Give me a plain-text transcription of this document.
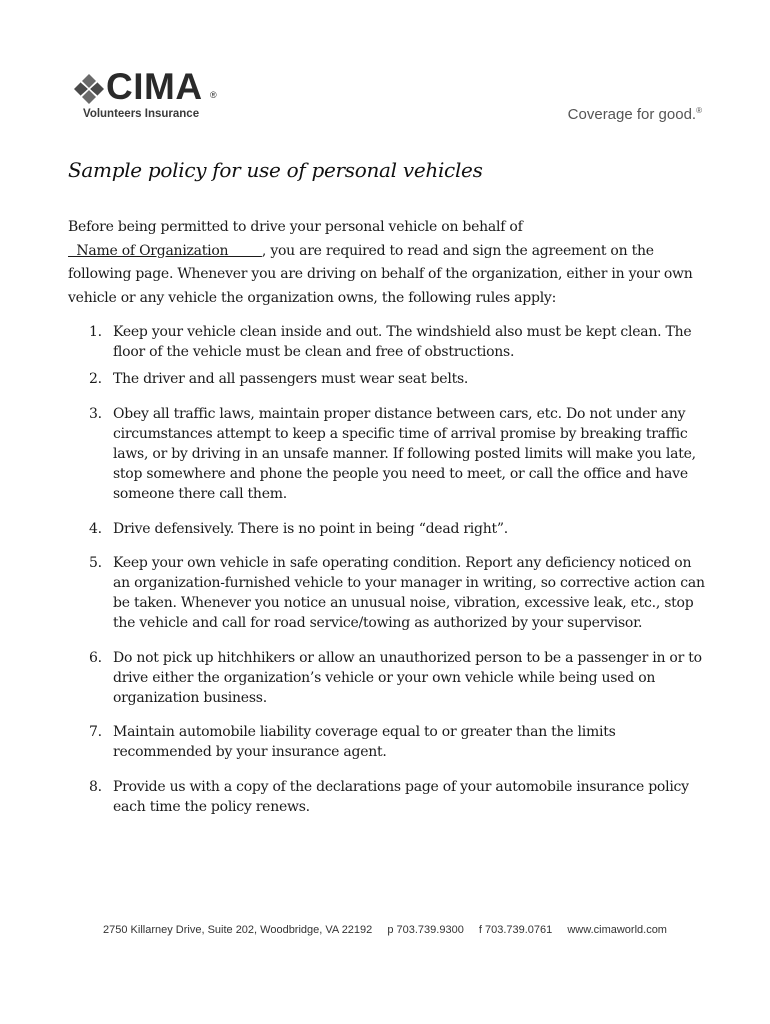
CIMA ®
Volunteers Insurance	Coverage for good.®
Sample policy for use of personal vehicles

Before being permitted to drive your personal vehicle on behalf of   Name of Organization        , you are required to read and sign the agreement on the following page. Whenever you are driving on behalf of the organization, either in your own vehicle or any vehicle the organization owns, the following rules apply:

1. Keep your vehicle clean inside and out. The windshield also must be kept clean. The floor of the vehicle must be clean and free of obstructions.
2. The driver and all passengers must wear seat belts.
3. Obey all traffic laws, maintain proper distance between cars, etc. Do not under any circumstances attempt to keep a specific time of arrival promise by breaking traffic laws, or by driving in an unsafe manner. If following posted limits will make you late, stop somewhere and phone the people you need to meet, or call the office and have someone there call them.
4. Drive defensively. There is no point in being “dead right”.
5. Keep your own vehicle in safe operating condition. Report any deficiency noticed on an organization-furnished vehicle to your manager in writing, so corrective action can be taken. Whenever you notice an unusual noise, vibration, excessive leak, etc., stop the vehicle and call for road service/towing as authorized by your supervisor.
6. Do not pick up hitchhikers or allow an unauthorized person to be a passenger in or to drive either the organization’s vehicle or your own vehicle while being used on organization business.
7. Maintain automobile liability coverage equal to or greater than the limits recommended by your insurance agent.
8. Provide us with a copy of the declarations page of your automobile insurance policy each time the policy renews.
2750 Killarney Drive, Suite 202, Woodbridge, VA 22192 p 703.739.9300 f 703.739.0761 www.cimaworld.com
